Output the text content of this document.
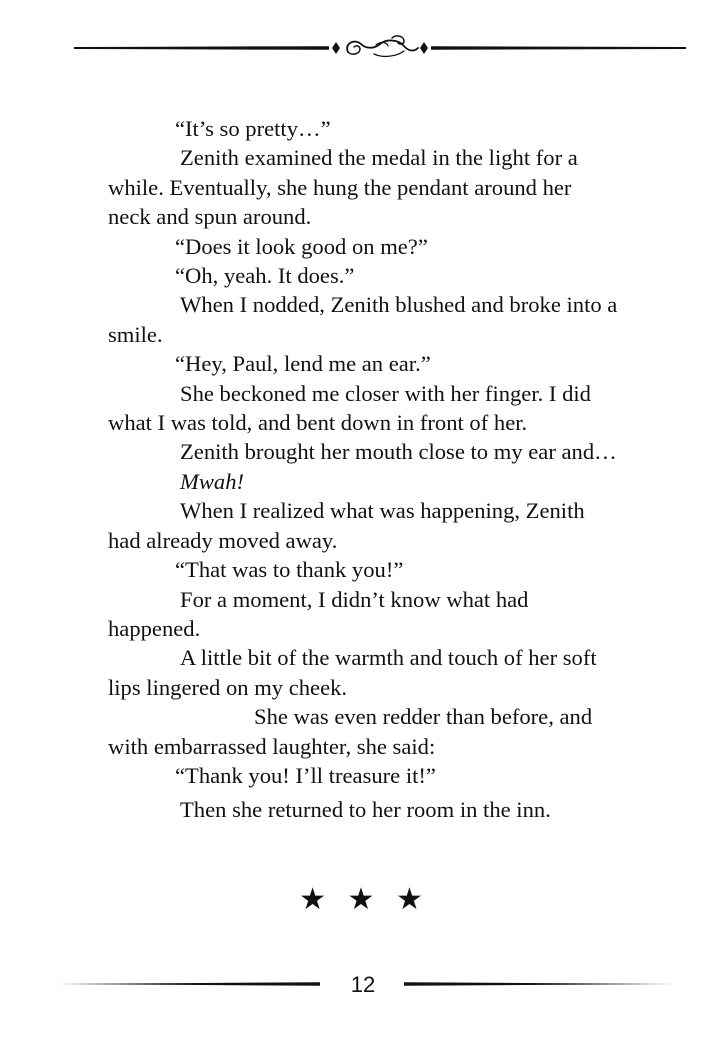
“It’s so pretty…”

Zenith examined the medal in the light for a while. Eventually, she hung the pendant around her neck and spun around.

“Does it look good on me?”

“Oh, yeah. It does.”

When I nodded, Zenith blushed and broke into a smile.

“Hey, Paul, lend me an ear.”

She beckoned me closer with her finger. I did what I was told, and bent down in front of her.

Zenith brought her mouth close to my ear and…

Mwah!

When I realized what was happening, Zenith had already moved away.

“That was to thank you!”

For a moment, I didn’t know what had happened.

A little bit of the warmth and touch of her soft lips lingered on my cheek.

She was even redder than before, and with embarrassed laughter, she said:

“Thank you! I’ll treasure it!”

Then she returned to her room in the inn.

★ ★ ★
12
